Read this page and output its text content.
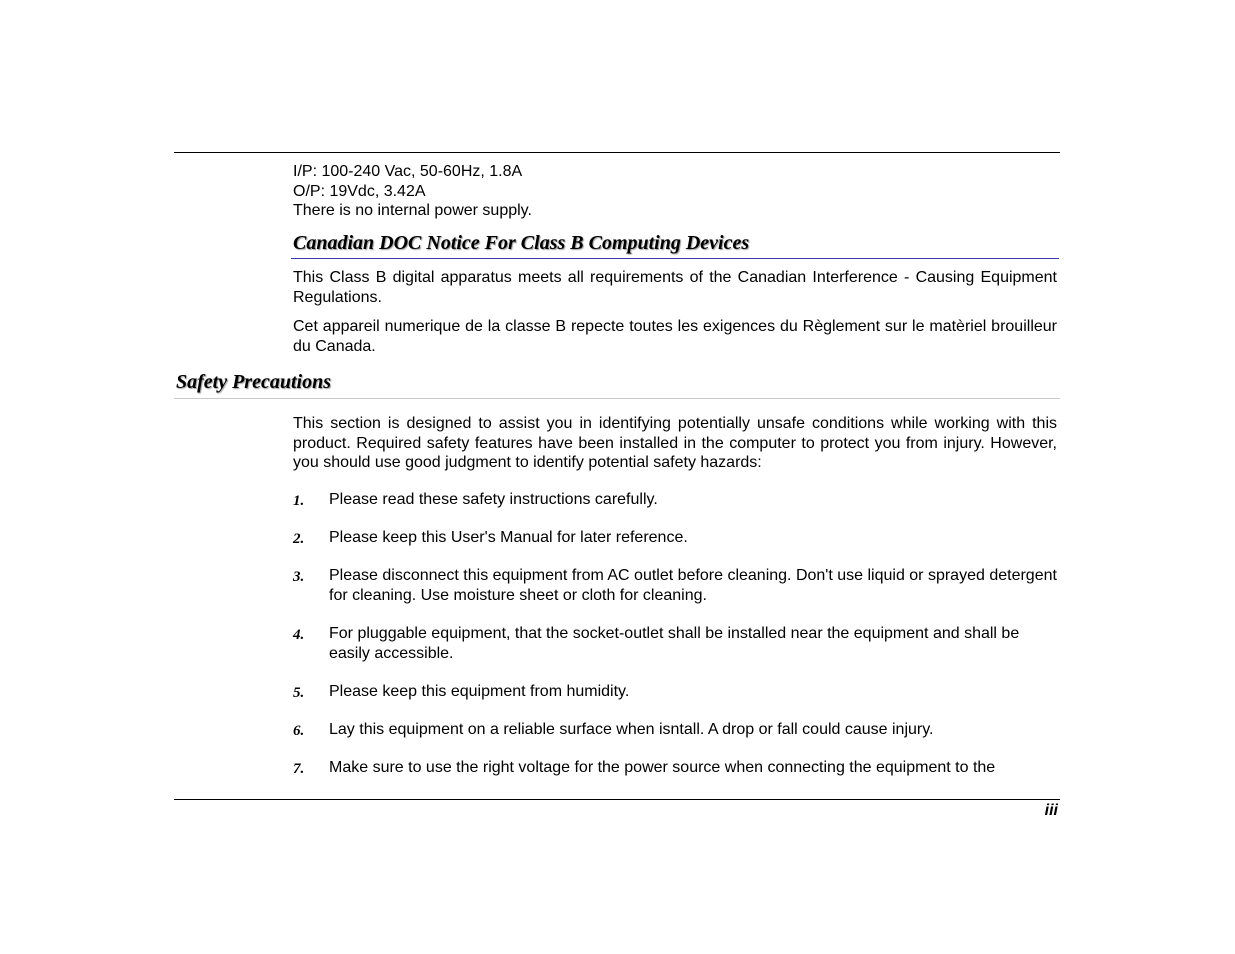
I/P: 100-240 Vac, 50-60Hz, 1.8A
O/P: 19Vdc, 3.42A
There is no internal power supply.
Canadian DOC Notice For Class B Computing Devices

This Class B digital apparatus meets all requirements of the Canadian Interference - Causing Equipment Regulations.

Cet appareil numerique de la classe B repecte toutes les exigences du Règlement sur le matèriel brouilleur du Canada.

Safety Precautions

This section is designed to assist you in identifying potentially unsafe conditions while working with this product. Required safety features have been installed in the computer to protect you from injury. However, you should use good judgment to identify potential safety hazards:

1. Please read these safety instructions carefully.
2. Please keep this User's Manual for later reference.
3. Please disconnect this equipment from AC outlet before cleaning. Don't use liquid or sprayed detergent for cleaning. Use moisture sheet or cloth for cleaning.
4. For pluggable equipment, that the socket-outlet shall be installed near the equipment and shall be easily accessible.
5. Please keep this equipment from humidity.
6. Lay this equipment on a reliable surface when isntall. A drop or fall could cause injury.
7. Make sure to use the right voltage for the power source when connecting the equipment to the
iii
